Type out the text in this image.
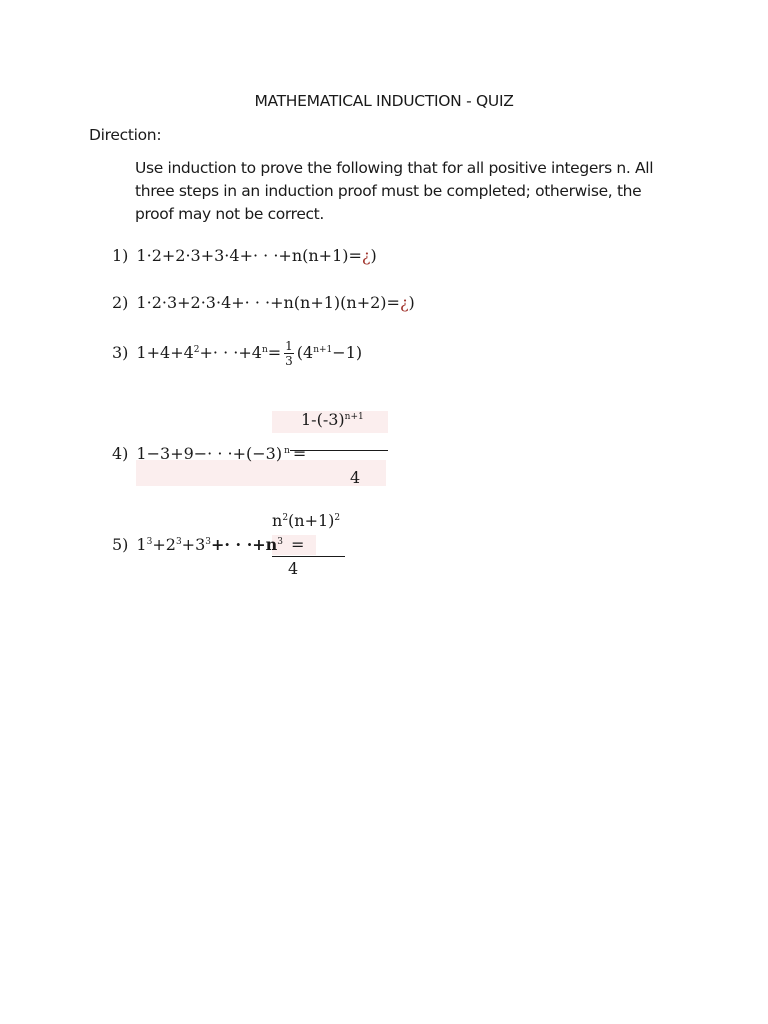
MATHEMATICAL INDUCTION - QUIZ
Direction:
Use induction to prove the following that for all positive integers n. All three steps in an induction proof must be completed; otherwise, the proof may not be correct.
1) 1·2+2·3+3·4+· · ·+n(n+1)=¿)
2) 1·2·3+2·3·4+· · ·+n(n+1)(n+2)=¿)
3) $1+4+4^2+\cdot \cdot \cdot+4^n= \frac{1}{3} (4^{n+1}-1)$
$1-(-3)^{n+1}$
4) 1−3+9−· · ·+(−3) $^n$ =
4
$n^2(n+1)^2$
5) $1^3+2^3+3^3+\cdot \cdot \cdot+n^3$ =
4
